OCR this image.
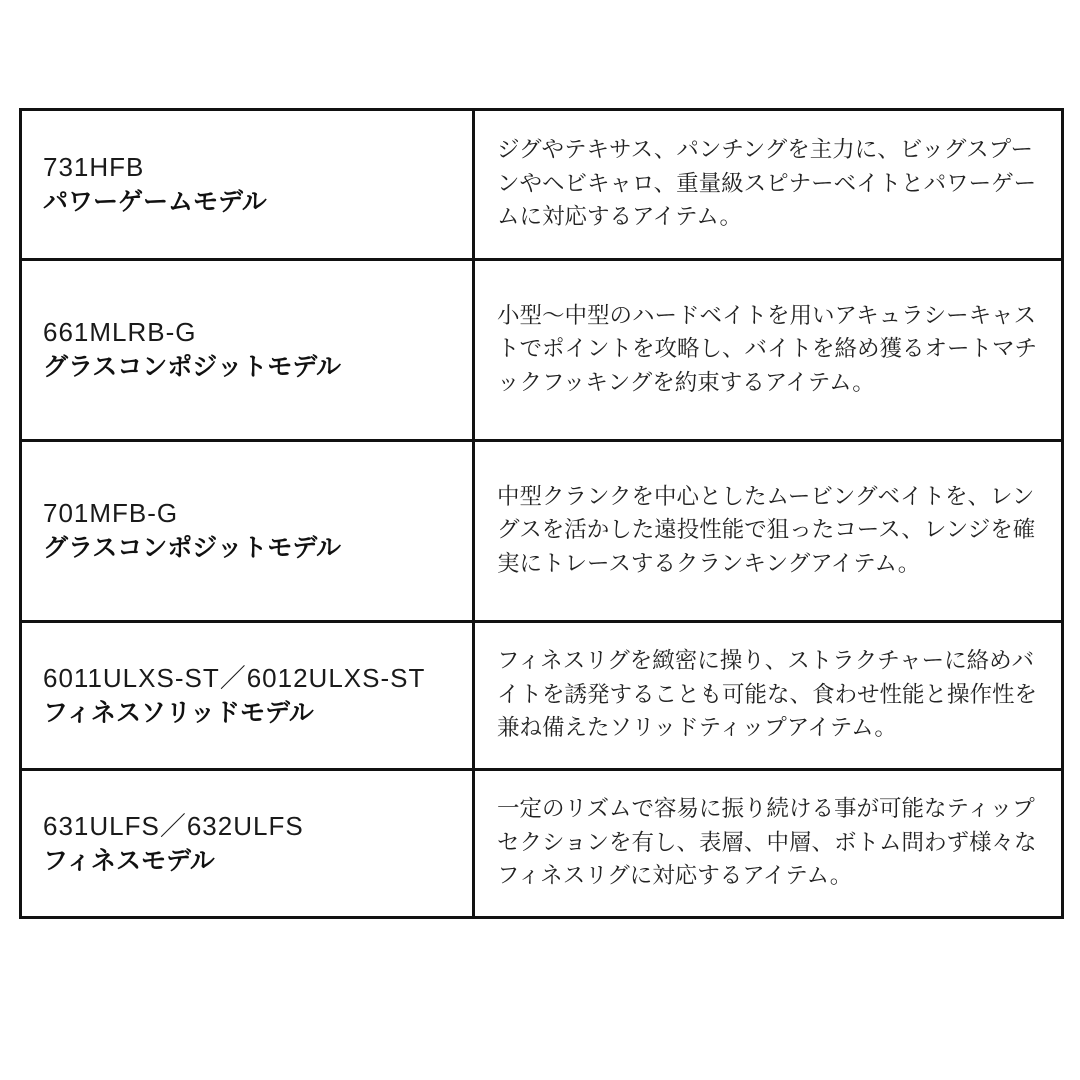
731HFB
パワーゲームモデル	ジグやテキサス、パンチングを主力に、ビッグスプーンやヘビキャロ、重量級スピナーベイトとパワーゲームに対応するアイテム。

661MLRB-G
グラスコンポジットモデル	小型〜中型のハードベイトを用いアキュラシーキャストでポイントを攻略し、バイトを絡め獲るオートマチックフッキングを約束するアイテム。

701MFB-G
グラスコンポジットモデル	中型クランクを中心としたムービングベイトを、レングスを活かした遠投性能で狙ったコース、レンジを確実にトレースするクランキングアイテム。

6011ULXS-ST／6012ULXS-ST
フィネスソリッドモデル	フィネスリグを緻密に操り、ストラクチャーに絡めバイトを誘発することも可能な、食わせ性能と操作性を兼ね備えたソリッドティップアイテム。

631ULFS／632ULFS
フィネスモデル	一定のリズムで容易に振り続ける事が可能なティップセクションを有し、表層、中層、ボトム問わず様々なフィネスリグに対応するアイテム。
